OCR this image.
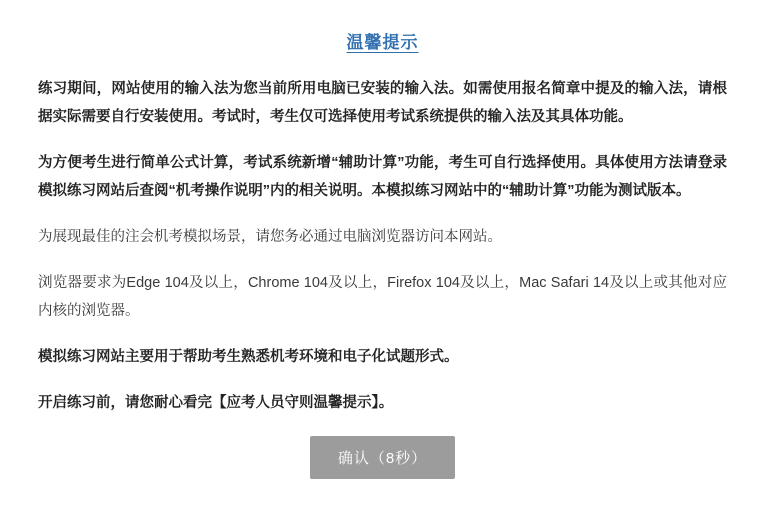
温馨提示

练习期间，网站使用的输入法为您当前所用电脑已安装的输入法。如需使用报名简章中提及的输入法，请根据实际需要自行安装使用。考试时，考生仅可选择使用考试系统提供的输入法及其具体功能。

为方便考生进行简单公式计算，考试系统新增“辅助计算”功能，考生可自行选择使用。具体使用方法请登录模拟练习网站后查阅“机考操作说明”内的相关说明。本模拟练习网站中的“辅助计算”功能为测试版本。

为展现最佳的注会机考模拟场景，请您务必通过电脑浏览器访问本网站。

浏览器要求为Edge 104及以上，Chrome 104及以上，Firefox 104及以上，Mac Safari 14及以上或其他对应内核的浏览器。

模拟练习网站主要用于帮助考生熟悉机考环境和电子化试题形式。

开启练习前，请您耐心看完【应考人员守则温馨提示】。

确认（8秒）
